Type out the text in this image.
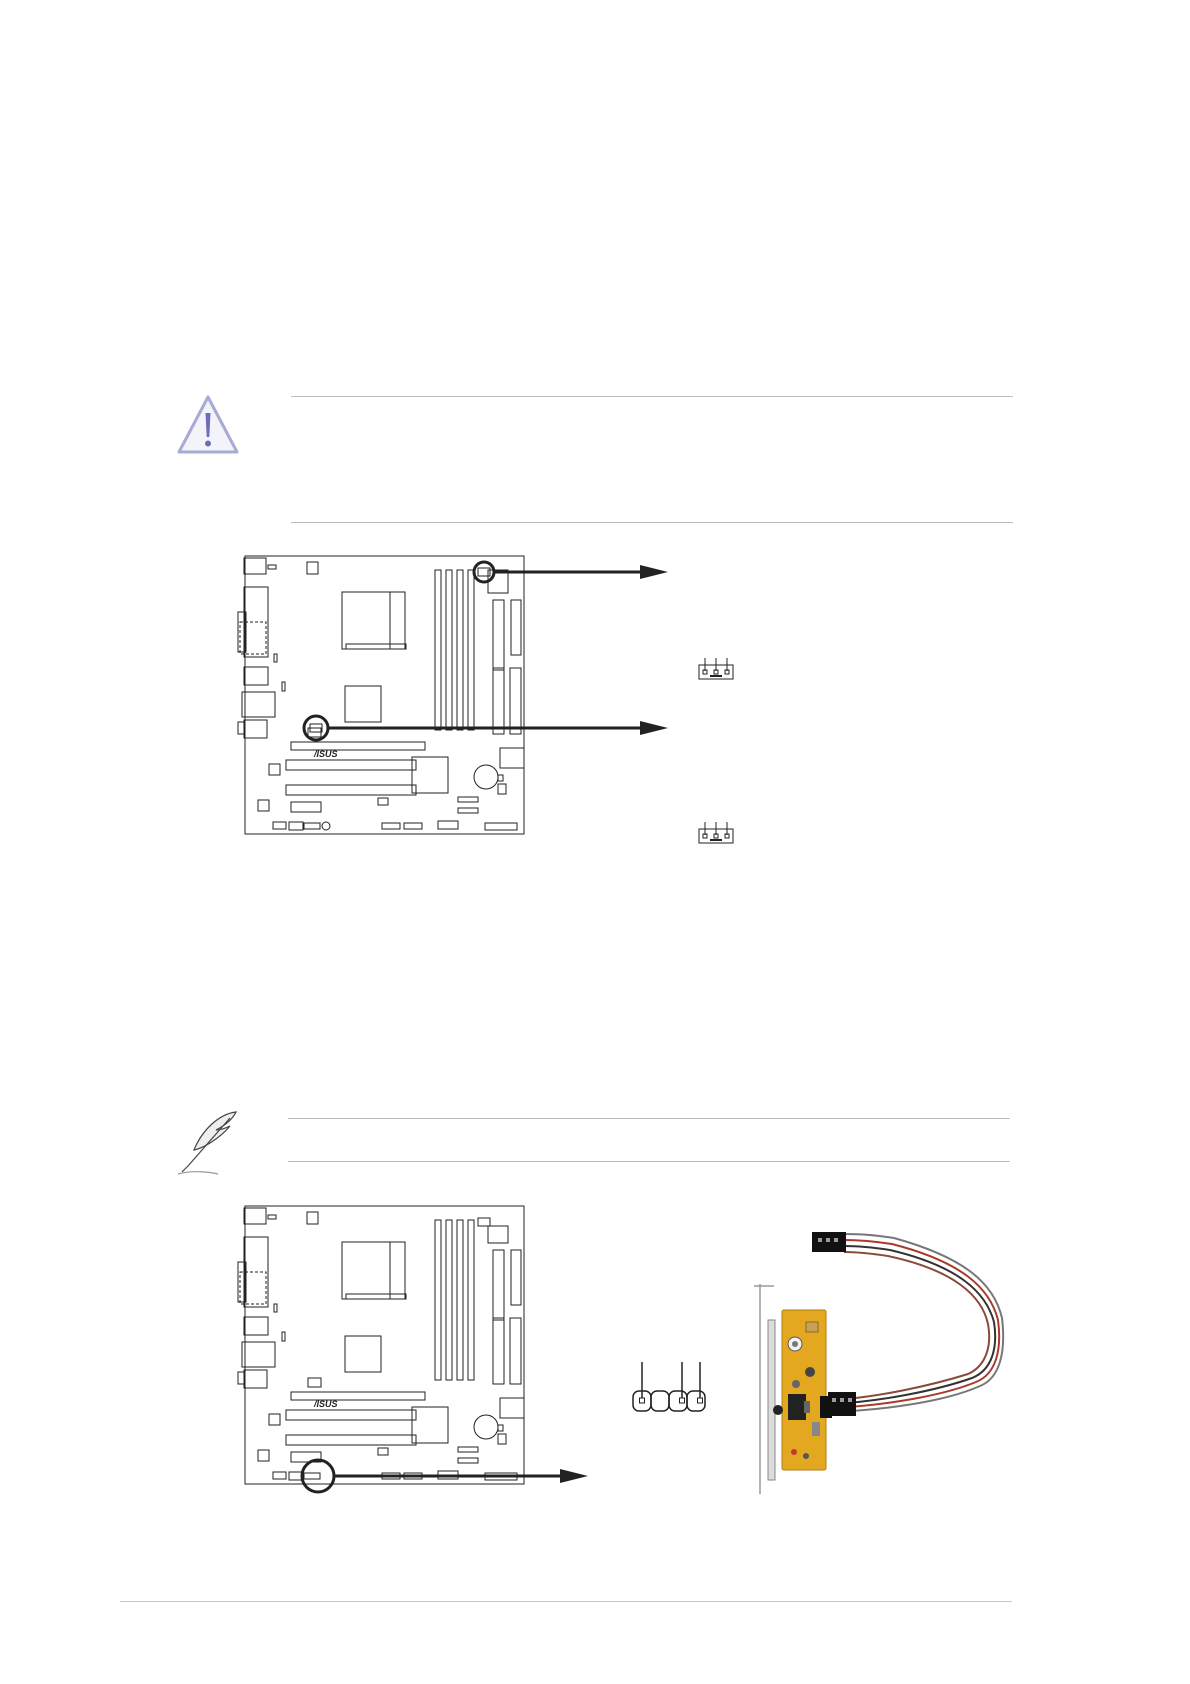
/ISUS
/ISUS
